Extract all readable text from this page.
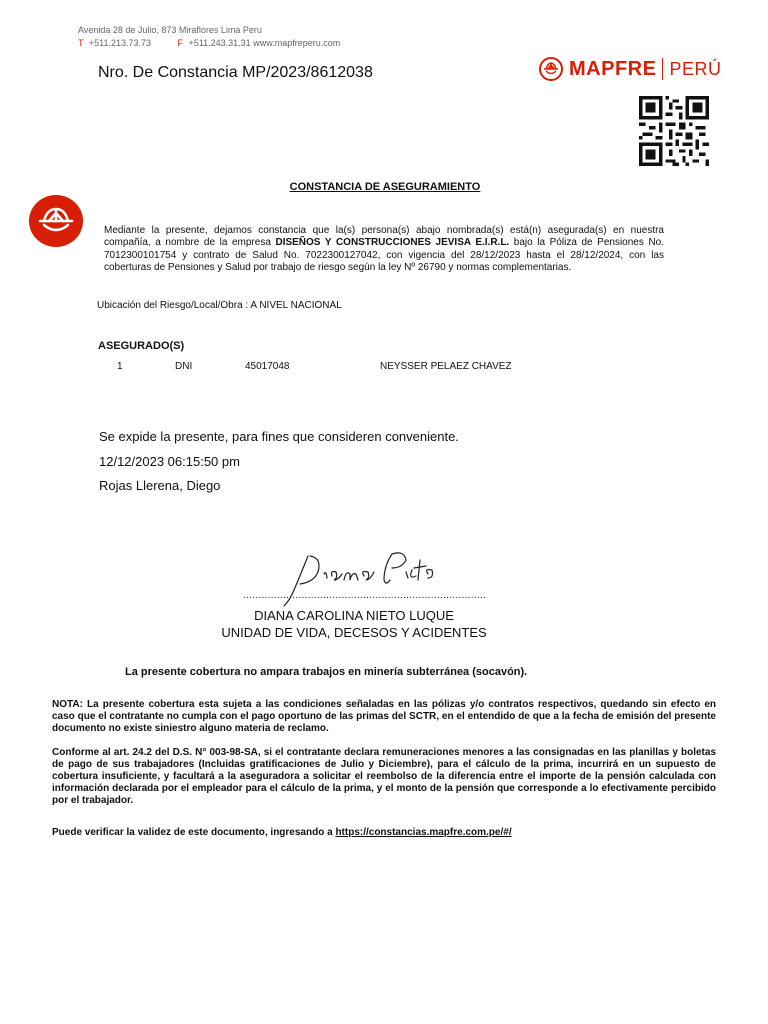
Avenida 28 de Julio, 873 Miraflores Lima Peru
T +511.213.73.73	F +511.243.31.31 www.mapfreperu.com
Nro. De Constancia MP/2023/8612038	MAPFRE PERÚ
CONSTANCIA DE ASEGURAMIENTO
Mediante la presente, dejamos constancia que la(s) persona(s) abajo nombrada(s) está(n) asegurada(s) en nuestra compañía, a nombre de la empresa DISEÑOS Y CONSTRUCCIONES JEVISA E.I.R.L. bajo la Póliza de Pensiones No. 7012300101754 y contrato de Salud No. 7022300127042, con vigencia del 28/12/2023 hasta el 28/12/2024, con las coberturas de Pensiones y Salud por trabajo de riesgo según la ley Nº 26790 y normas complementarias.
Ubicación del Riesgo/Local/Obra : A NIVEL NACIONAL
ASEGURADO(S)
1	DNI	45017048	NEYSSER PELAEZ CHAVEZ
Se expide la presente, para fines que consideren conveniente.
12/12/2023 06:15:50 pm
Rojas Llerena, Diego
...............................................................................
DIANA CAROLINA NIETO LUQUE
UNIDAD DE VIDA, DECESOS Y ACIDENTES
La presente cobertura no ampara trabajos en minería subterránea (socavón).
NOTA: La presente cobertura esta sujeta a las condiciones señaladas en las pólizas y/o contratos respectivos, quedando sin efecto en caso que el contratante no cumpla con el pago oportuno de las primas del SCTR, en el entendido de que a la fecha de emisión del presente documento no existe siniestro alguno materia de reclamo.
Conforme al art. 24.2 del D.S. N° 003-98-SA, si el contratante declara remuneraciones menores a las consignadas en las planillas y boletas de pago de sus trabajadores (Incluidas gratificaciones de Julio y Diciembre), para el cálculo de la prima, incurrirá en un supuesto de cobertura insuficiente, y facultará a la aseguradora a solicitar el reembolso de la diferencia entre el importe de la pensión calculada con información declarada por el empleador para el cálculo de la prima, y el monto de la pensión que corresponde a lo efectivamente percibido por el trabajador.
Puede verificar la validez de este documento, ingresando a https://constancias.mapfre.com.pe/#/
